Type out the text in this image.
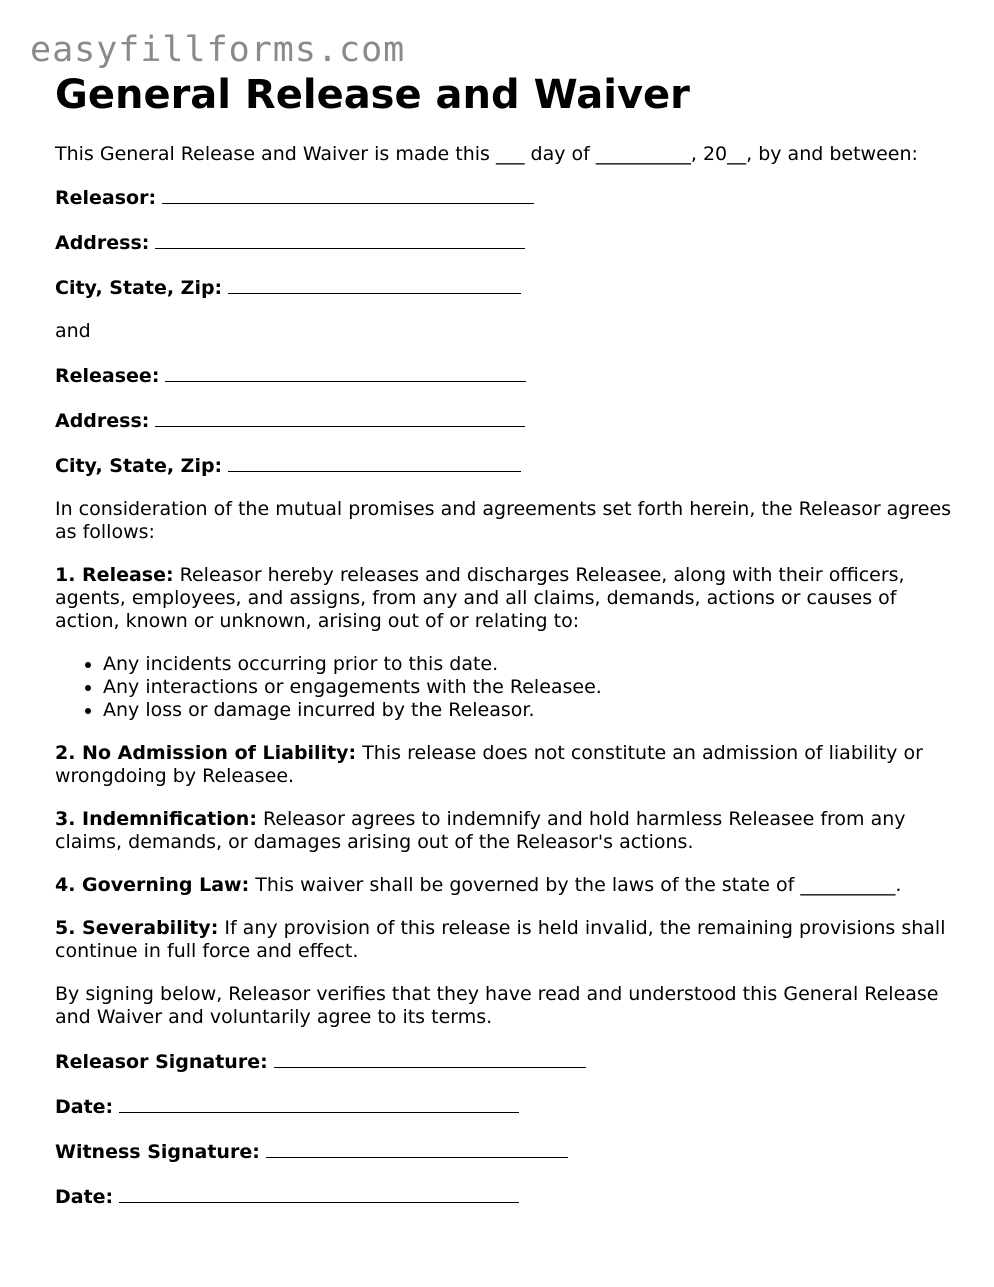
easyfillforms.com
General Release and Waiver

This General Release and Waiver is made this ___ day of __________, 20__, by and between:

Releasor:

Address:

City, State, Zip:

and

Releasee:

Address:

City, State, Zip:

In consideration of the mutual promises and agreements set forth herein, the Releasor agrees as follows:

1. Release: Releasor hereby releases and discharges Releasee, along with their officers, agents, employees, and assigns, from any and all claims, demands, actions or causes of action, known or unknown, arising out of or relating to:

• Any incidents occurring prior to this date.
• Any interactions or engagements with the Releasee.
• Any loss or damage incurred by the Releasor.

2. No Admission of Liability: This release does not constitute an admission of liability or wrongdoing by Releasee.

3. Indemnification: Releasor agrees to indemnify and hold harmless Releasee from any claims, demands, or damages arising out of the Releasor's actions.

4. Governing Law: This waiver shall be governed by the laws of the state of __________.

5. Severability: If any provision of this release is held invalid, the remaining provisions shall continue in full force and effect.

By signing below, Releasor verifies that they have read and understood this General Release and Waiver and voluntarily agree to its terms.

Releasor Signature:

Date:

Witness Signature:

Date:
